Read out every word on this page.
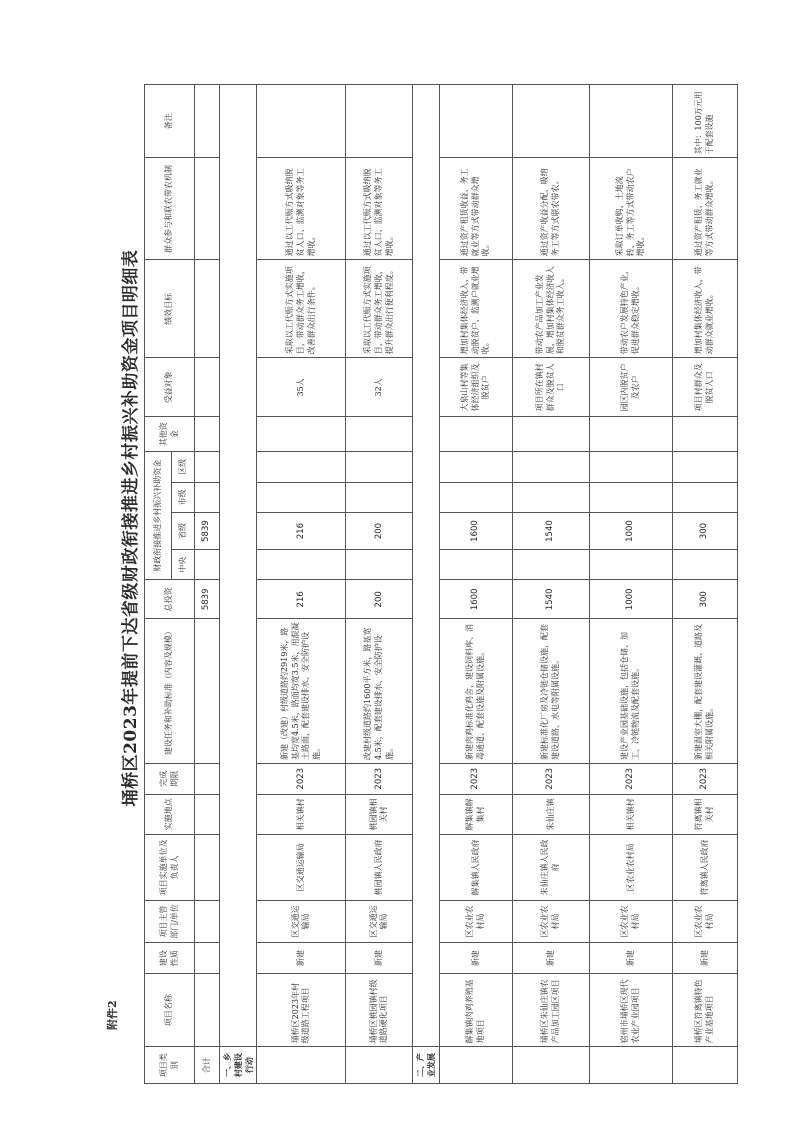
附件2
埇桥区2023年提前下达省级财政衔接推进乡村振兴补助资金项目明细表
项目类别	项目名称	建设性质	项目主管部门/单位	项目实施单位及负责人	实施地点	完成期限	建设任务和补助标准（内容及规模）	总投资	财政衔接推进乡村振兴补助资金				其他资金	受益对象	绩效目标	群众参与和联农带农机制	备注
									中央	省级	市级	区级					
合计								5839		5839							
一、乡村建设行动																	
	埇桥区2023年村级道路工程项目	新建	区交通运输局	区交通运输局	相关镇村	2023	新建（改建）村级道路约2919米，路基均宽4.5米，路面均宽3.5米，用混凝土路面，配套建设排水、安全防护设施。	216		216				35人	采取以工代赈方式实施项目，带动群众务工增收，改善群众出行条件。	通过以工代赈方式吸纳脱贫人口、监测对象等务工增收。	
	埇桥区桃园镇村级道路硬化项目	新建	区交通运输局	桃园镇人民政府	桃园镇相关村	2023	改建村级道路约1600平方米，路基宽4.5米，配套建设排水、安全防护设施。	200		200				32人	采取以工代赈方式实施项目，带动群众务工增收，提升群众出行便利程度。	通过以工代赈方式吸纳脱贫人口、监测对象等务工增收。	
二、产业发展																	
	解集镇肉鸡养殖基地项目	新建	区农业农村局	解集镇人民政府	解集镇解集村	2023	新建肉鸡标准化鸡舍，建设饲料库、消毒通道、配套设施及附属设施。	1600		1600				大泉山村等集体经济组织及脱贫户	增加村集体经济收入，带动脱贫户、监测户就业增收。	通过资产租赁收益、务工就业等方式带动群众增收。	
	埇桥区朱仙庄镇农产品加工园区项目	新建	区农业农村局	朱仙庄镇人民政府	朱仙庄镇	2023	新建标准化厂房及冷链仓储设施，配套建设道路、水电等附属设施。	1540		1540				项目所在镇村群众及脱贫人口	带动农产品加工产业发展，增加村集体经济收入和脱贫群众务工收入。	通过资产收益分配、吸纳务工等方式联农带农。	
	宿州市埇桥区现代农业产业园项目	新建	区农业农村局	区农业农村局	相关镇村	2023	建设产业园基础设施，包括仓储、加工、冷链物流及配套设施。	1000		1000				园区内脱贫户及农户	带动农户发展特色产业，促进群众稳定增收。	采取订单收购、土地流转、务工等方式带动农户增收。	
	埇桥区符离镇特色产业基地项目	新建	区农业农村局	符离镇人民政府	符离镇相关村	2023	新建温室大棚，配套建设灌溉、道路及相关附属设施。	300		300				项目村群众及脱贫人口	增加村集体经济收入，带动群众就业增收。	通过资产租赁、务工就业等方式带动群众增收。	其中：100万元用于配套设施
